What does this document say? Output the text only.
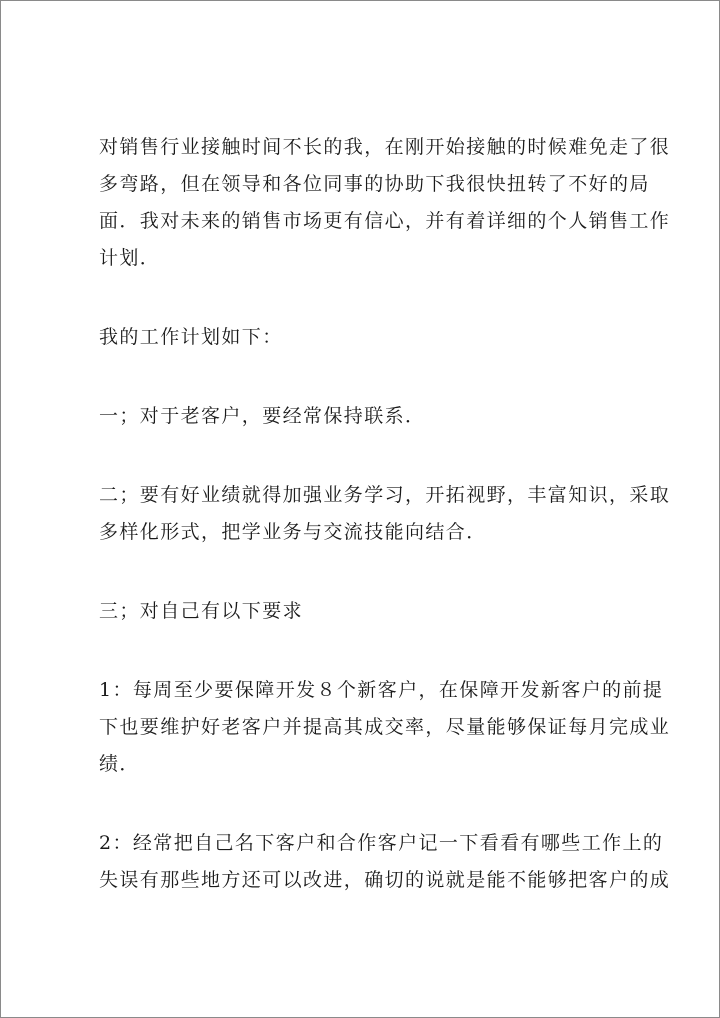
对销售行业接触时间不长的我，在刚开始接触的时候难免走了很
多弯路，但在领导和各位同事的协助下我很快扭转了不好的局
面．我对未来的销售市场更有信心，并有着详细的个人销售工作
计划．

我的工作计划如下：

一；对于老客户，要经常保持联系．

二；要有好业绩就得加强业务学习，开拓视野，丰富知识，采取
多样化形式，把学业务与交流技能向结合．

三；对自己有以下要求

1：每周至少要保障开发８个新客户，在保障开发新客户的前提
下也要维护好老客户并提高其成交率，尽量能够保证每月完成业
绩．

2：经常把自己名下客户和合作客户记一下看看有哪些工作上的
失误有那些地方还可以改进，确切的说就是能不能够把客户的成
